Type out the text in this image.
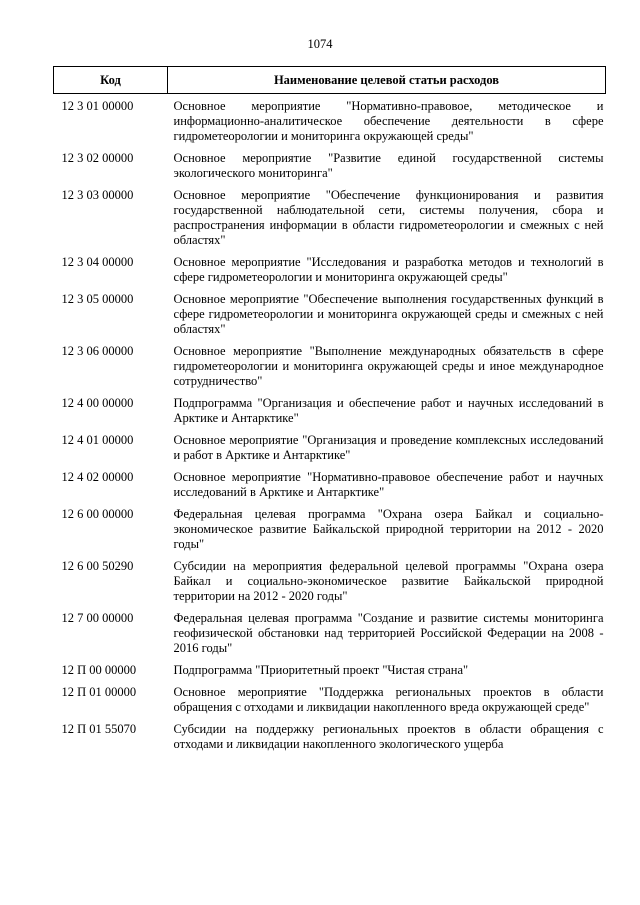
1074
Код	Наименование целевой статьи расходов
12 3 01 00000	Основное мероприятие "Нормативно-правовое, методическое и информационно-аналитическое обеспечение деятельности в сфере гидрометеорологии и мониторинга окружающей среды"
12 3 02 00000	Основное мероприятие "Развитие единой государственной системы экологического мониторинга"
12 3 03 00000	Основное мероприятие "Обеспечение функционирования и развития государственной наблюдательной сети, системы получения, сбора и распространения информации в области гидрометеорологии и смежных с ней областях"
12 3 04 00000	Основное мероприятие "Исследования и разработка методов и технологий в сфере гидрометеорологии и мониторинга окружающей среды"
12 3 05 00000	Основное мероприятие "Обеспечение выполнения государственных функций в сфере гидрометеорологии и мониторинга окружающей среды и смежных с ней областях"
12 3 06 00000	Основное мероприятие "Выполнение международных обязательств в сфере гидрометеорологии и мониторинга окружающей среды и иное международное сотрудничество"
12 4 00 00000	Подпрограмма "Организация и обеспечение работ и научных исследований в Арктике и Антарктике"
12 4 01 00000	Основное мероприятие "Организация и проведение комплексных исследований и работ в Арктике и Антарктике"
12 4 02 00000	Основное мероприятие "Нормативно-правовое обеспечение работ и научных исследований в Арктике и Антарктике"
12 6 00 00000	Федеральная целевая программа "Охрана озера Байкал и социально-экономическое развитие Байкальской природной территории на 2012 - 2020 годы"
12 6 00 50290	Субсидии на мероприятия федеральной целевой программы "Охрана озера Байкал и социально-экономическое развитие Байкальской природной территории на 2012 - 2020 годы"
12 7 00 00000	Федеральная целевая программа "Создание и развитие системы мониторинга геофизической обстановки над территорией Российской Федерации на 2008 - 2016 годы"
12 П 00 00000	Подпрограмма "Приоритетный проект "Чистая страна"
12 П 01 00000	Основное мероприятие "Поддержка региональных проектов в области обращения с отходами и ликвидации накопленного вреда окружающей среде"
12 П 01 55070	Субсидии на поддержку региональных проектов в области обращения с отходами и ликвидации накопленного экологического ущерба
